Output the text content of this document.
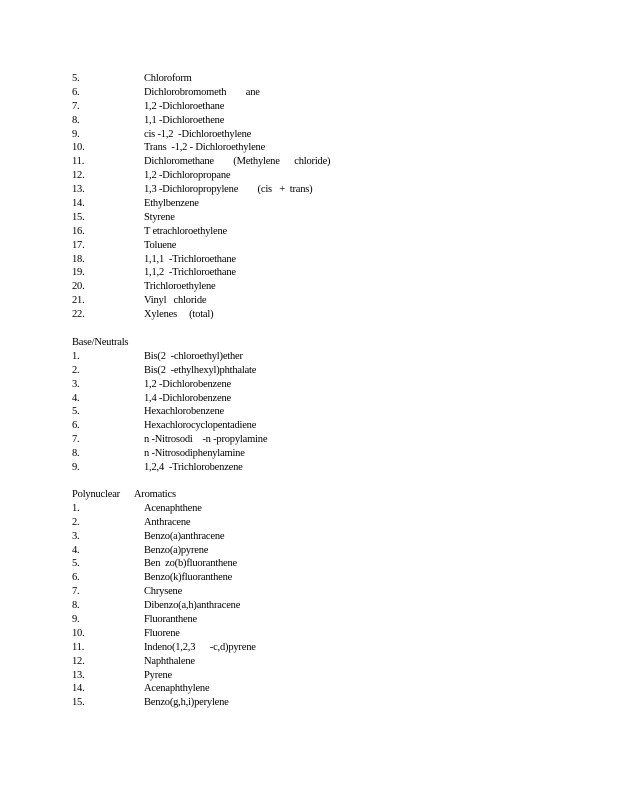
5.	Chloroform
6.	Dichlorobromometh        ane
7.	1,2 -Dichloroethane
8.	1,1 -Dichloroethene
9.	cis -1,2  -Dichloroethylene
10.	Trans  -1,2 - Dichloroethylene
11.	Dichloromethane        (Methylene      chloride)
12.	1,2 -Dichloropropane
13.	1,3 -Dichloropropylene        (cis   +  trans)
14.	Ethylbenzene
15.	Styrene
16.	T etrachloroethylene
17.	Toluene
18.	1,1,1  -Trichloroethane
19.	1,1,2  -Trichloroethane
20.	Trichloroethylene
21.	Vinyl   chloride
22.	Xylenes     (total)
Base/Neutrals
1.	Bis(2  -chloroethyl)ether
2.	Bis(2  -ethylhexyl)phthalate
3.	1,2 -Dichlorobenzene
4.	1,4 -Dichlorobenzene
5.	Hexachlorobenzene
6.	Hexachlorocyclopentadiene
7.	n -Nitrosodi    -n -propylamine
8.	n -Nitrosodiphenylamine
9.	1,2,4  -Trichlorobenzene
Polynuclear      Aromatics
1.	Acenaphthene
2.	Anthracene
3.	Benzo(a)anthracene
4.	Benzo(a)pyrene
5.	Ben  zo(b)fluoranthene
6.	Benzo(k)fluoranthene
7.	Chrysene
8.	Dibenzo(a,h)anthracene
9.	Fluoranthene
10.	Fluorene
11.	Indeno(1,2,3      -c,d)pyrene
12.	Naphthalene
13.	Pyrene
14.	Acenaphthylene
15.	Benzo(g,h,i)perylene
